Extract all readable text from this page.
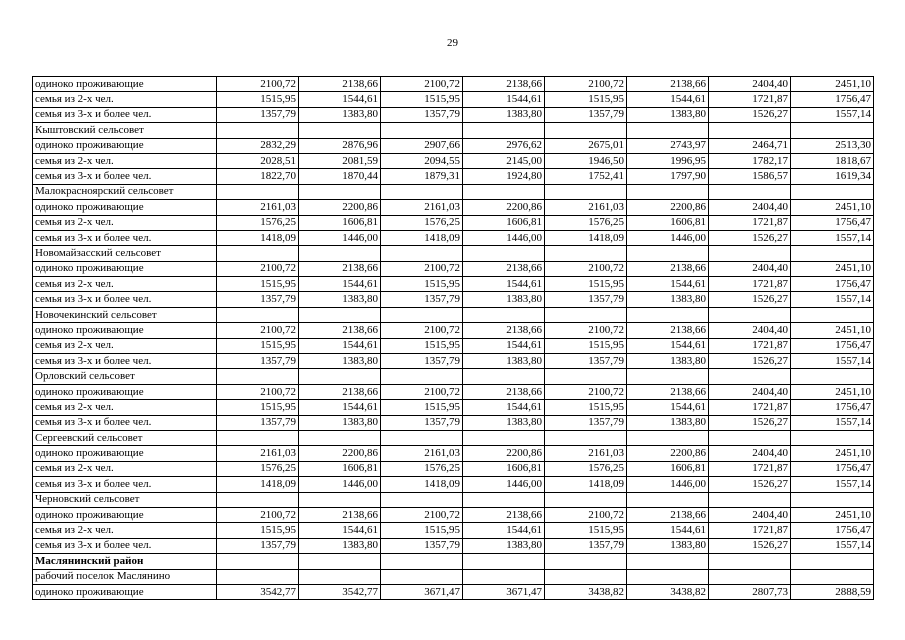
29
одиноко проживающие	2100,72	2138,66	2100,72	2138,66	2100,72	2138,66	2404,40	2451,10
семья из 2-х чел.	1515,95	1544,61	1515,95	1544,61	1515,95	1544,61	1721,87	1756,47
семья из 3-х и более чел.	1357,79	1383,80	1357,79	1383,80	1357,79	1383,80	1526,27	1557,14
Кыштовский сельсовет								
одиноко проживающие	2832,29	2876,96	2907,66	2976,62	2675,01	2743,97	2464,71	2513,30
семья из 2-х чел.	2028,51	2081,59	2094,55	2145,00	1946,50	1996,95	1782,17	1818,67
семья из 3-х и более чел.	1822,70	1870,44	1879,31	1924,80	1752,41	1797,90	1586,57	1619,34
Малокрасноярский сельсовет								
одиноко проживающие	2161,03	2200,86	2161,03	2200,86	2161,03	2200,86	2404,40	2451,10
семья из 2-х чел.	1576,25	1606,81	1576,25	1606,81	1576,25	1606,81	1721,87	1756,47
семья из 3-х и более чел.	1418,09	1446,00	1418,09	1446,00	1418,09	1446,00	1526,27	1557,14
Новомайзасский сельсовет								
одиноко проживающие	2100,72	2138,66	2100,72	2138,66	2100,72	2138,66	2404,40	2451,10
семья из 2-х чел.	1515,95	1544,61	1515,95	1544,61	1515,95	1544,61	1721,87	1756,47
семья из 3-х и более чел.	1357,79	1383,80	1357,79	1383,80	1357,79	1383,80	1526,27	1557,14
Новочекинский сельсовет								
одиноко проживающие	2100,72	2138,66	2100,72	2138,66	2100,72	2138,66	2404,40	2451,10
семья из 2-х чел.	1515,95	1544,61	1515,95	1544,61	1515,95	1544,61	1721,87	1756,47
семья из 3-х и более чел.	1357,79	1383,80	1357,79	1383,80	1357,79	1383,80	1526,27	1557,14
Орловский сельсовет								
одиноко проживающие	2100,72	2138,66	2100,72	2138,66	2100,72	2138,66	2404,40	2451,10
семья из 2-х чел.	1515,95	1544,61	1515,95	1544,61	1515,95	1544,61	1721,87	1756,47
семья из 3-х и более чел.	1357,79	1383,80	1357,79	1383,80	1357,79	1383,80	1526,27	1557,14
Сергеевский сельсовет								
одиноко проживающие	2161,03	2200,86	2161,03	2200,86	2161,03	2200,86	2404,40	2451,10
семья из 2-х чел.	1576,25	1606,81	1576,25	1606,81	1576,25	1606,81	1721,87	1756,47
семья из 3-х и более чел.	1418,09	1446,00	1418,09	1446,00	1418,09	1446,00	1526,27	1557,14
Черновский сельсовет								
одиноко проживающие	2100,72	2138,66	2100,72	2138,66	2100,72	2138,66	2404,40	2451,10
семья из 2-х чел.	1515,95	1544,61	1515,95	1544,61	1515,95	1544,61	1721,87	1756,47
семья из 3-х и более чел.	1357,79	1383,80	1357,79	1383,80	1357,79	1383,80	1526,27	1557,14
Маслянинский район								
рабочий поселок Маслянино								
одиноко проживающие	3542,77	3542,77	3671,47	3671,47	3438,82	3438,82	2807,73	2888,59
